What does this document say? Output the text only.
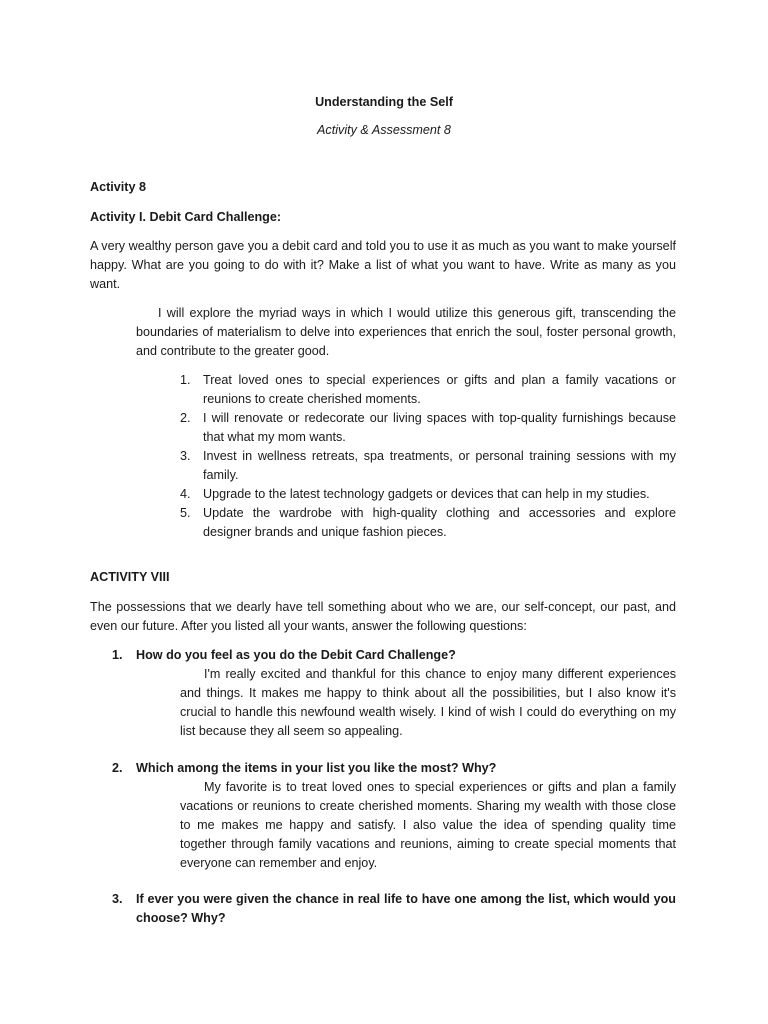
Understanding the Self
Activity & Assessment 8
Activity 8
Activity I. Debit Card Challenge:
A very wealthy person gave you a debit card and told you to use it as much as you want to make yourself happy. What are you going to do with it? Make a list of what you want to have. Write as many as you want.
I will explore the myriad ways in which I would utilize this generous gift, transcending the boundaries of materialism to delve into experiences that enrich the soul, foster personal growth, and contribute to the greater good.
1. Treat loved ones to special experiences or gifts and plan a family vacations or reunions to create cherished moments.
2. I will renovate or redecorate our living spaces with top-quality furnishings because that what my mom wants.
3. Invest in wellness retreats, spa treatments, or personal training sessions with my family.
4. Upgrade to the latest technology gadgets or devices that can help in my studies.
5. Update the wardrobe with high-quality clothing and accessories and explore designer brands and unique fashion pieces.
ACTIVITY VIII
The possessions that we dearly have tell something about who we are, our self-concept, our past, and even our future. After you listed all your wants, answer the following questions:
1. How do you feel as you do the Debit Card Challenge?
I'm really excited and thankful for this chance to enjoy many different experiences and things. It makes me happy to think about all the possibilities, but I also know it's crucial to handle this newfound wealth wisely. I kind of wish I could do everything on my list because they all seem so appealing.
2. Which among the items in your list you like the most? Why?
My favorite is to treat loved ones to special experiences or gifts and plan a family vacations or reunions to create cherished moments. Sharing my wealth with those close to me makes me happy and satisfy. I also value the idea of spending quality time together through family vacations and reunions, aiming to create special moments that everyone can remember and enjoy.
3. If ever you were given the chance in real life to have one among the list, which would you choose? Why?
